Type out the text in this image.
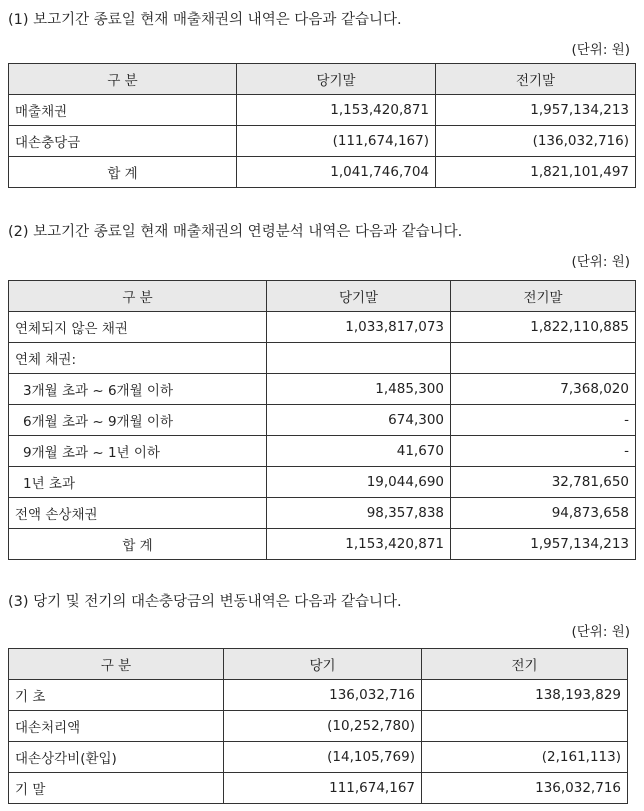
(1) 보고기간 종료일 현재 매출채권의 내역은 다음과 같습니다.
(단위: 원)
구 분	당기말	전기말
매출채권	1,153,420,871	1,957,134,213
대손충당금	(111,674,167)	(136,032,716)
합 계	1,041,746,704	1,821,101,497
(2) 보고기간 종료일 현재 매출채권의 연령분석 내역은 다음과 같습니다.
(단위: 원)
구 분	당기말	전기말
연체되지 않은 채권	1,033,817,073	1,822,110,885
연체 채권:		
3개월 초과 ~ 6개월 이하	1,485,300	7,368,020
6개월 초과 ~ 9개월 이하	674,300	-
9개월 초과 ~ 1년 이하	41,670	-
1년 초과	19,044,690	32,781,650
전액 손상채권	98,357,838	94,873,658
합 계	1,153,420,871	1,957,134,213
(3) 당기 및 전기의 대손충당금의 변동내역은 다음과 같습니다.
(단위: 원)
구 분	당기	전기
기 초	136,032,716	138,193,829
대손처리액	(10,252,780)	
대손상각비(환입)	(14,105,769)	(2,161,113)
기 말	111,674,167	136,032,716
